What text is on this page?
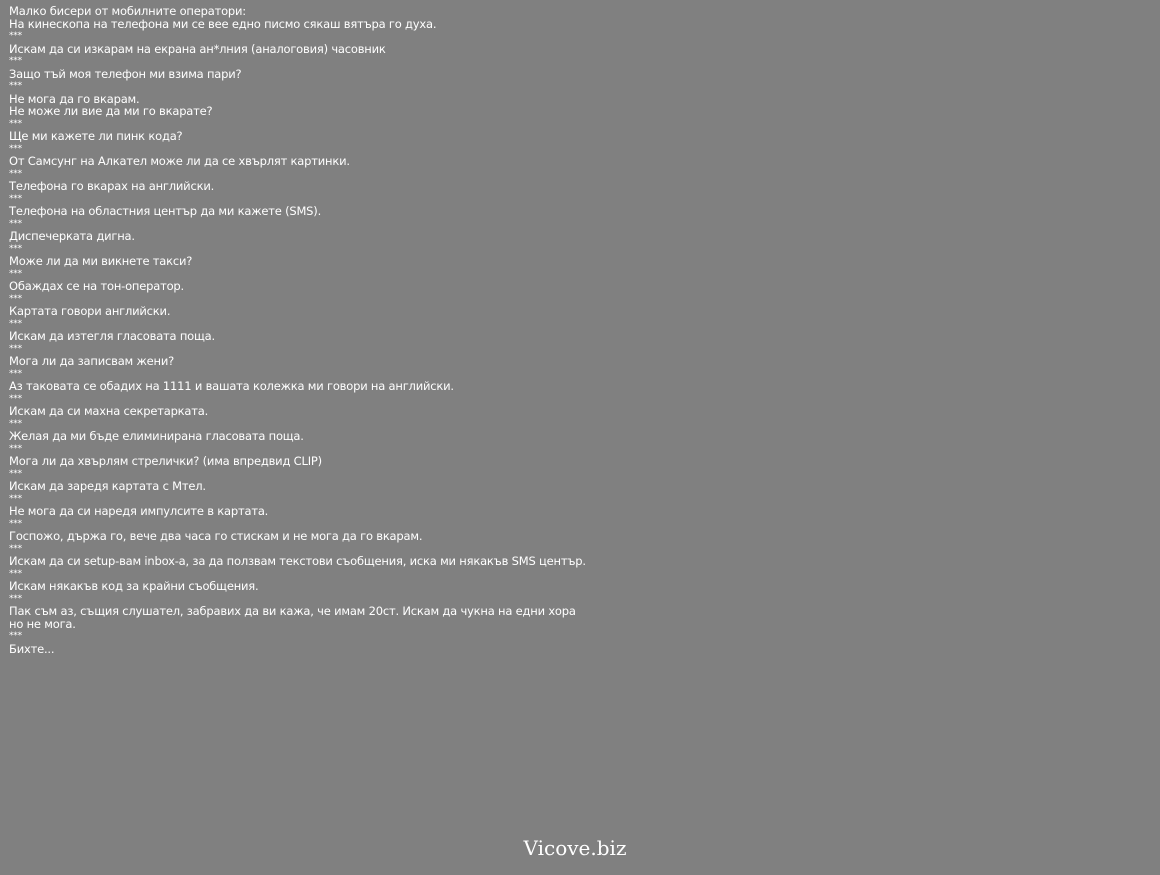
Малко бисери от мобилните оператори:
На кинескопа на телефона ми се вее едно писмо сякаш вятъра го духа.
***
Искам да си изкарам на екрана ан*лния (аналоговия) часовник
***
Защо тъй моя телефон ми взима пари?
***
Не мога да го вкарам.
Не може ли вие да ми го вкарате?
***
Ще ми кажете ли пинк кода?
***
От Самсунг на Алкател може ли да се хвърлят картинки.
***
Телефона го вкарах на английски.
***
Телефона на областния център да ми кажете (SMS).
***
Диспечерката дигна.
***
Може ли да ми викнете такси?
***
Обаждах се на тон-оператор.
***
Картата говори английски.
***
Искам да изтегля гласовата поща.
***
Мога ли да записвам жени?
***
Аз таковата се обадих на 1111 и вашата колежка ми говори на английски.
***
Искам да си махна секретарката.
***
Желая да ми бъде елиминирана гласовата поща.
***
Мога ли да хвърлям стрелички? (има впредвид CLIP)
***
Искам да заредя картата с Мтел.
***
Не мога да си наредя импулсите в картата.
***
Госпожо, държа го, вече два часа го стискам и не мога да го вкарам.
***
Искам да си setup-вам inbox-а, за да ползвам текстови съобщения, иска ми някакъв SMS център.
***
Искам някакъв код за крайни съобщения.
***
Пак съм аз, същия слушател, забравих да ви кажа, че имам 20ст. Искам да чукна на едни хора но не мога.
***
Бихте...
Vicove.biz
